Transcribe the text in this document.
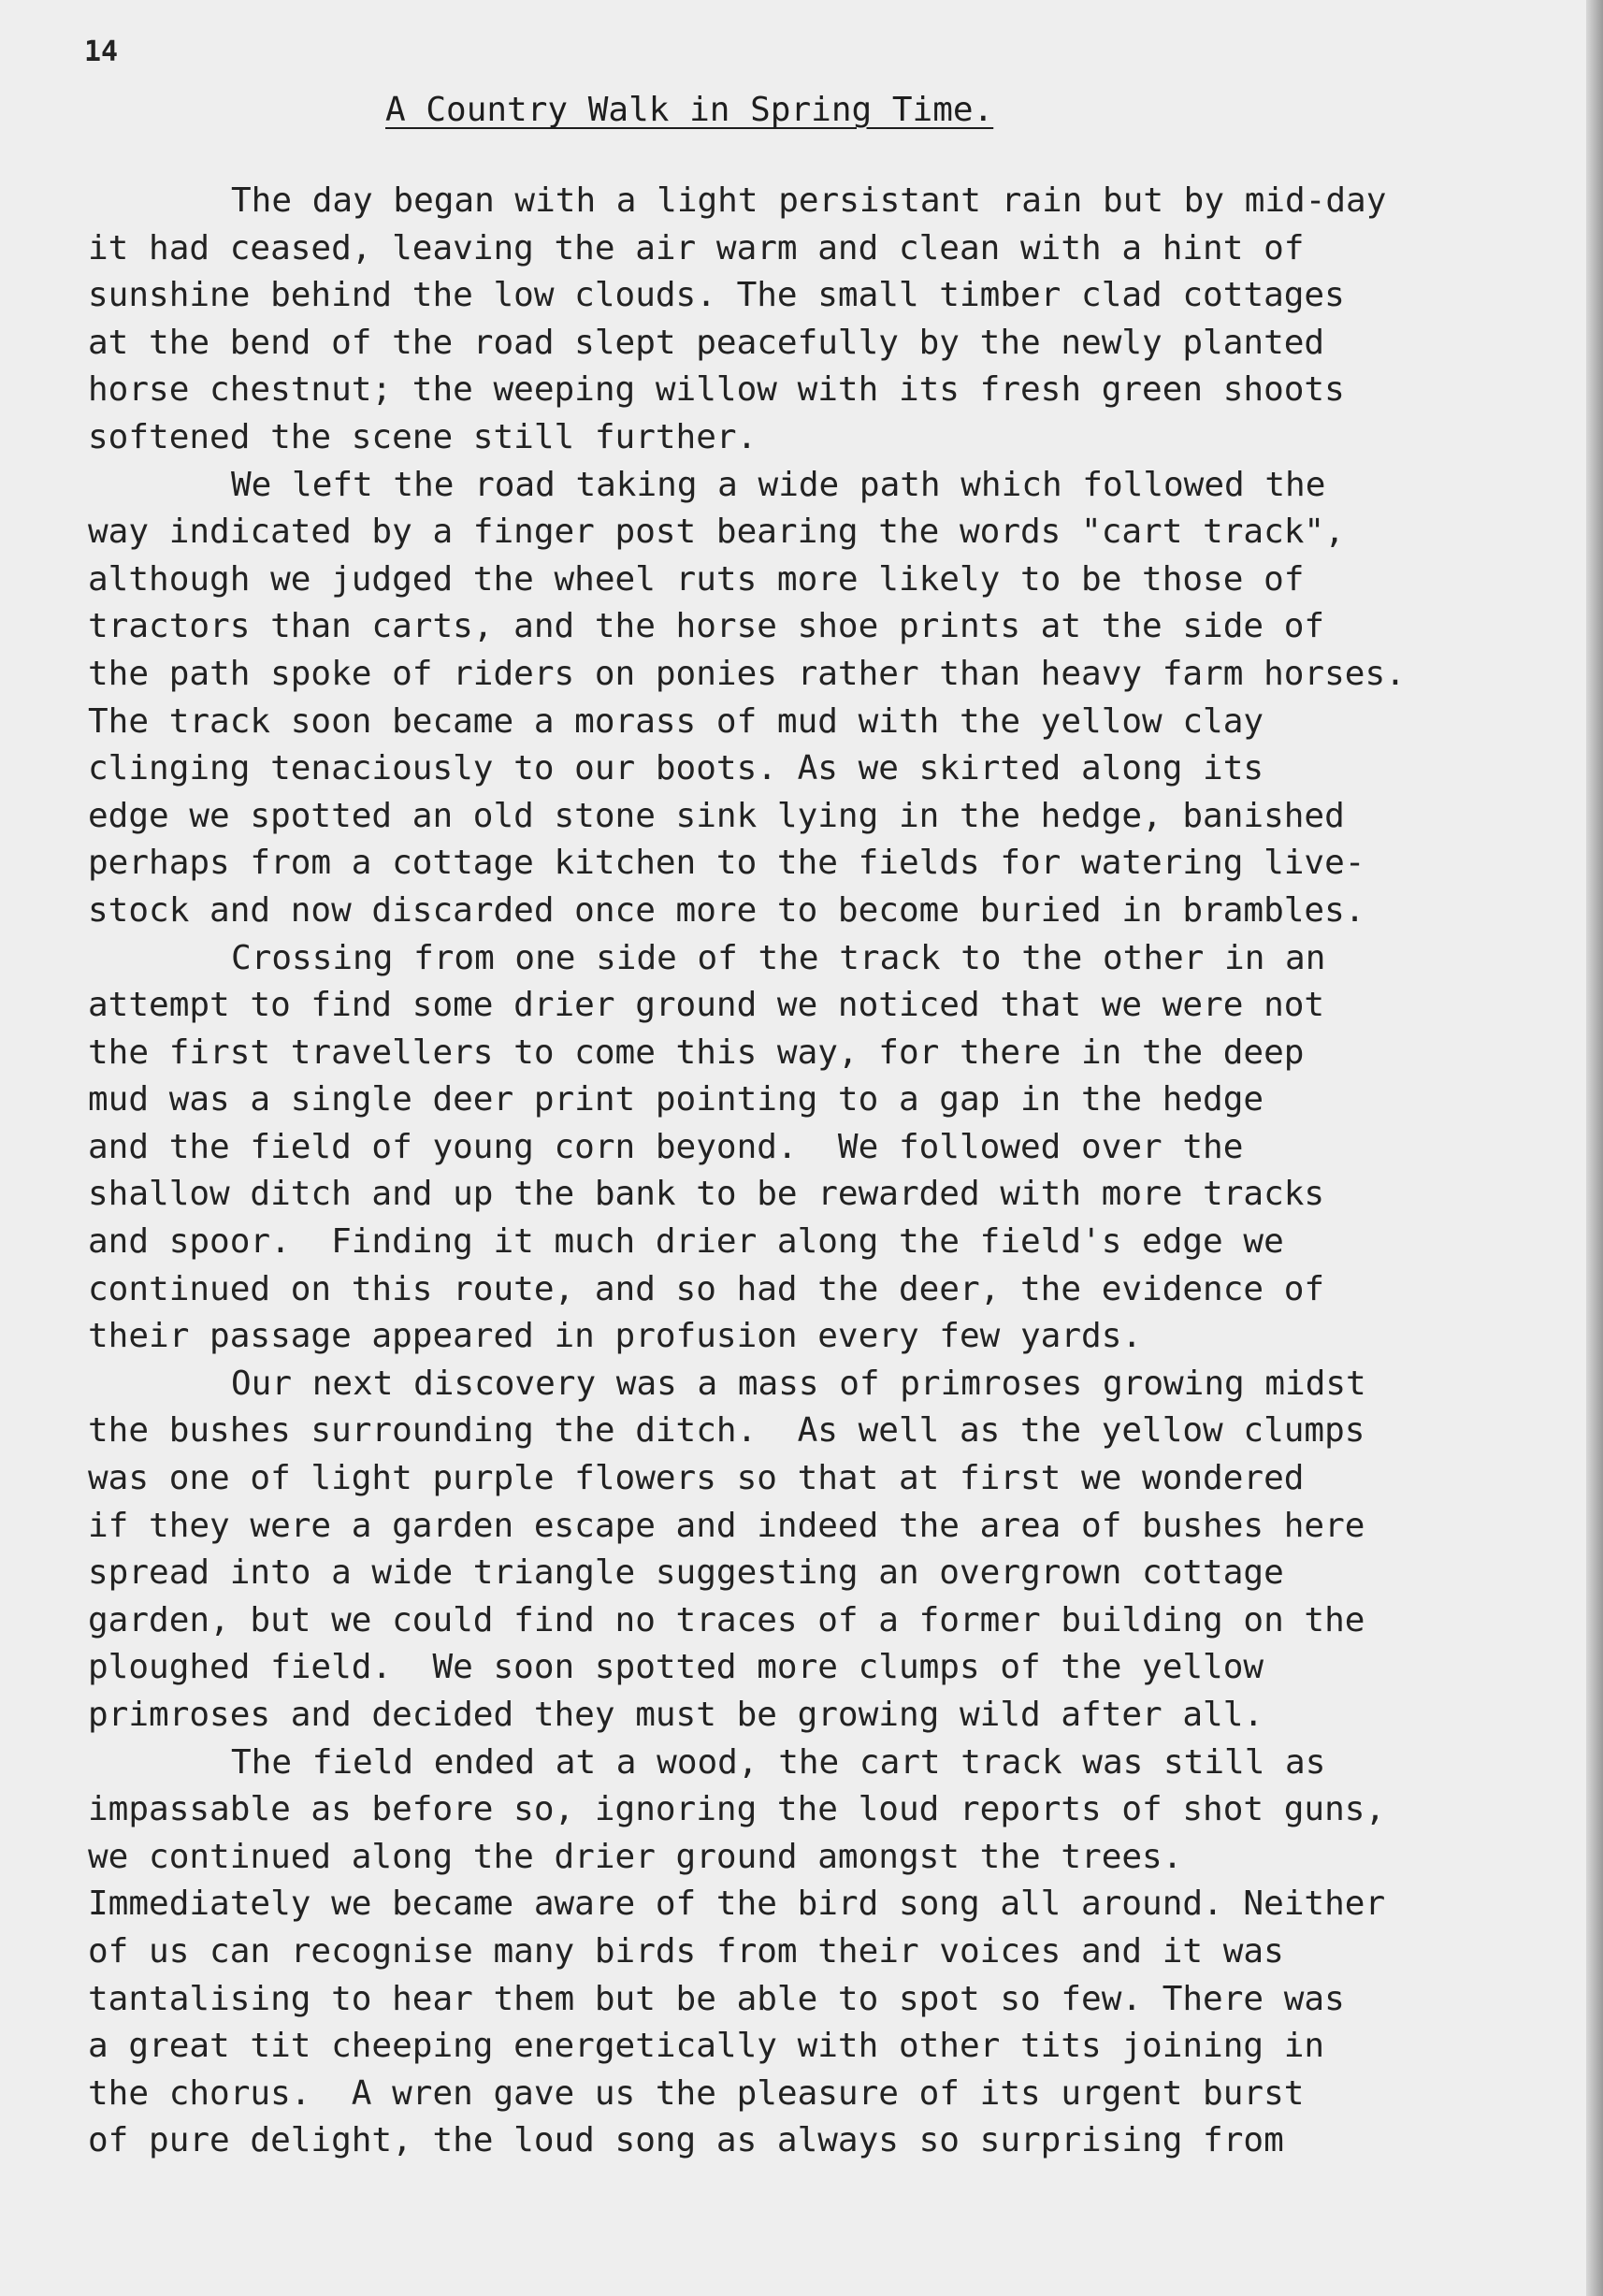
14
A Country Walk in Spring Time.
The day began with a light persistant rain but by mid-day
it had ceased, leaving the air warm and clean with a hint of
sunshine behind the low clouds. The small timber clad cottages
at the bend of the road slept peacefully by the newly planted
horse chestnut; the weeping willow with its fresh green shoots
softened the scene still further.
We left the road taking a wide path which followed the
way indicated by a finger post bearing the words "cart track",
although we judged the wheel ruts more likely to be those of
tractors than carts, and the horse shoe prints at the side of
the path spoke of riders on ponies rather than heavy farm horses.
The track soon became a morass of mud with the yellow clay
clinging tenaciously to our boots. As we skirted along its
edge we spotted an old stone sink lying in the hedge, banished
perhaps from a cottage kitchen to the fields for watering live-
stock and now discarded once more to become buried in brambles.
Crossing from one side of the track to the other in an
attempt to find some drier ground we noticed that we were not
the first travellers to come this way, for there in the deep
mud was a single deer print pointing to a gap in the hedge
and the field of young corn beyond.  We followed over the
shallow ditch and up the bank to be rewarded with more tracks
and spoor.  Finding it much drier along the field's edge we
continued on this route, and so had the deer, the evidence of
their passage appeared in profusion every few yards.
Our next discovery was a mass of primroses growing midst
the bushes surrounding the ditch.  As well as the yellow clumps
was one of light purple flowers so that at first we wondered
if they were a garden escape and indeed the area of bushes here
spread into a wide triangle suggesting an overgrown cottage
garden, but we could find no traces of a former building on the
ploughed field.  We soon spotted more clumps of the yellow
primroses and decided they must be growing wild after all.
The field ended at a wood, the cart track was still as
impassable as before so, ignoring the loud reports of shot guns,
we continued along the drier ground amongst the trees.
Immediately we became aware of the bird song all around. Neither
of us can recognise many birds from their voices and it was
tantalising to hear them but be able to spot so few. There was
a great tit cheeping energetically with other tits joining in
the chorus.  A wren gave us the pleasure of its urgent burst
of pure delight, the loud song as always so surprising from
